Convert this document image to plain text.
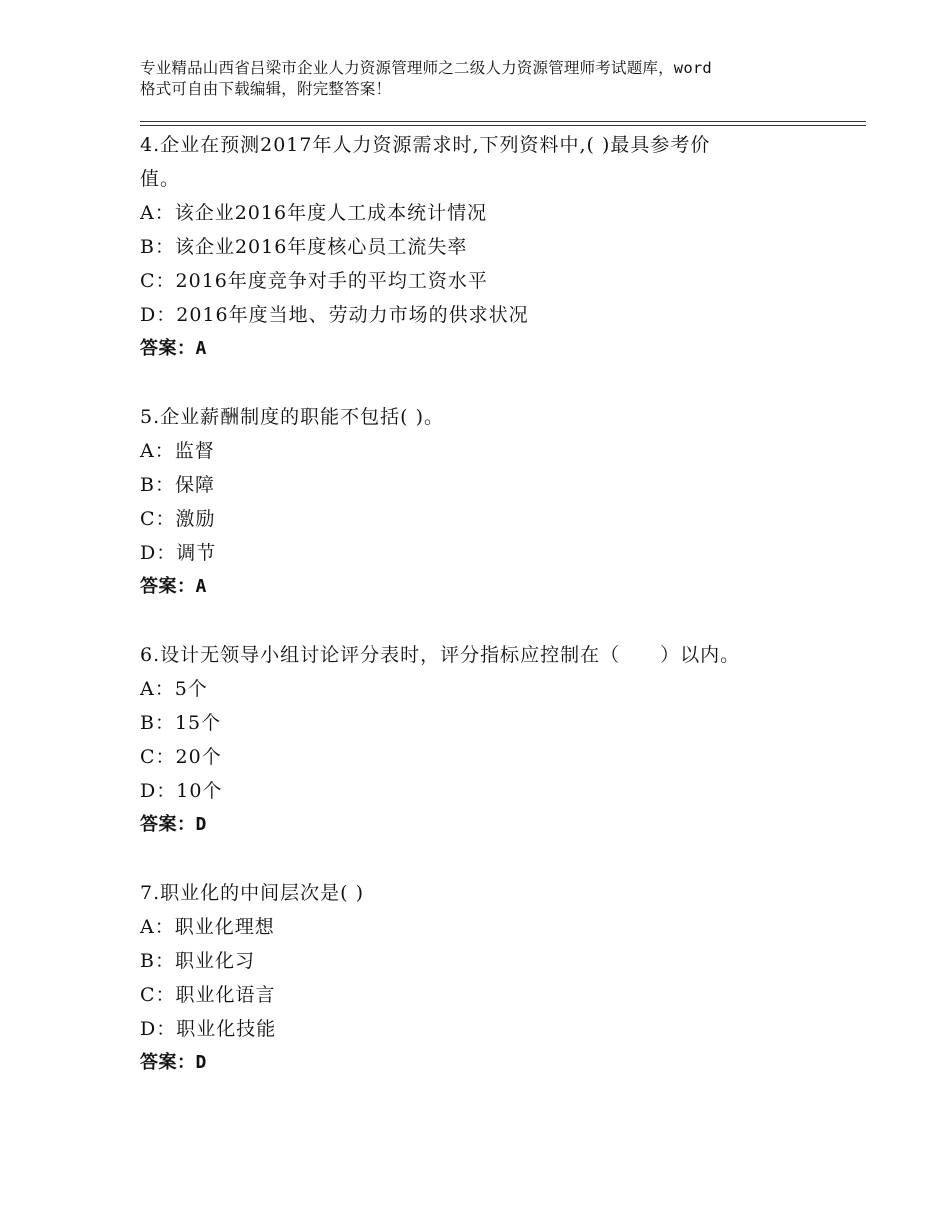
专业精品山西省吕梁市企业人力资源管理师之二级人力资源管理师考试题库，word
格式可自由下载编辑，附完整答案！
4.企业在预测2017年人力资源需求时,下列资料中,( )最具参考价
值。
A：该企业2016年度人工成本统计情况
B：该企业2016年度核心员工流失率
C：2016年度竞争对手的平均工资水平
D：2016年度当地、劳动力市场的供求状况
答案：A
5.企业薪酬制度的职能不包括( )。
A：监督
B：保障
C：激励
D：调节
答案：A
6.设计无领导小组讨论评分表时，评分指标应控制在（　　）以内。
A：5个
B：15个
C：20个
D：10个
答案：D
7.职业化的中间层次是( )
A：职业化理想
B：职业化习
C：职业化语言
D：职业化技能
答案：D
